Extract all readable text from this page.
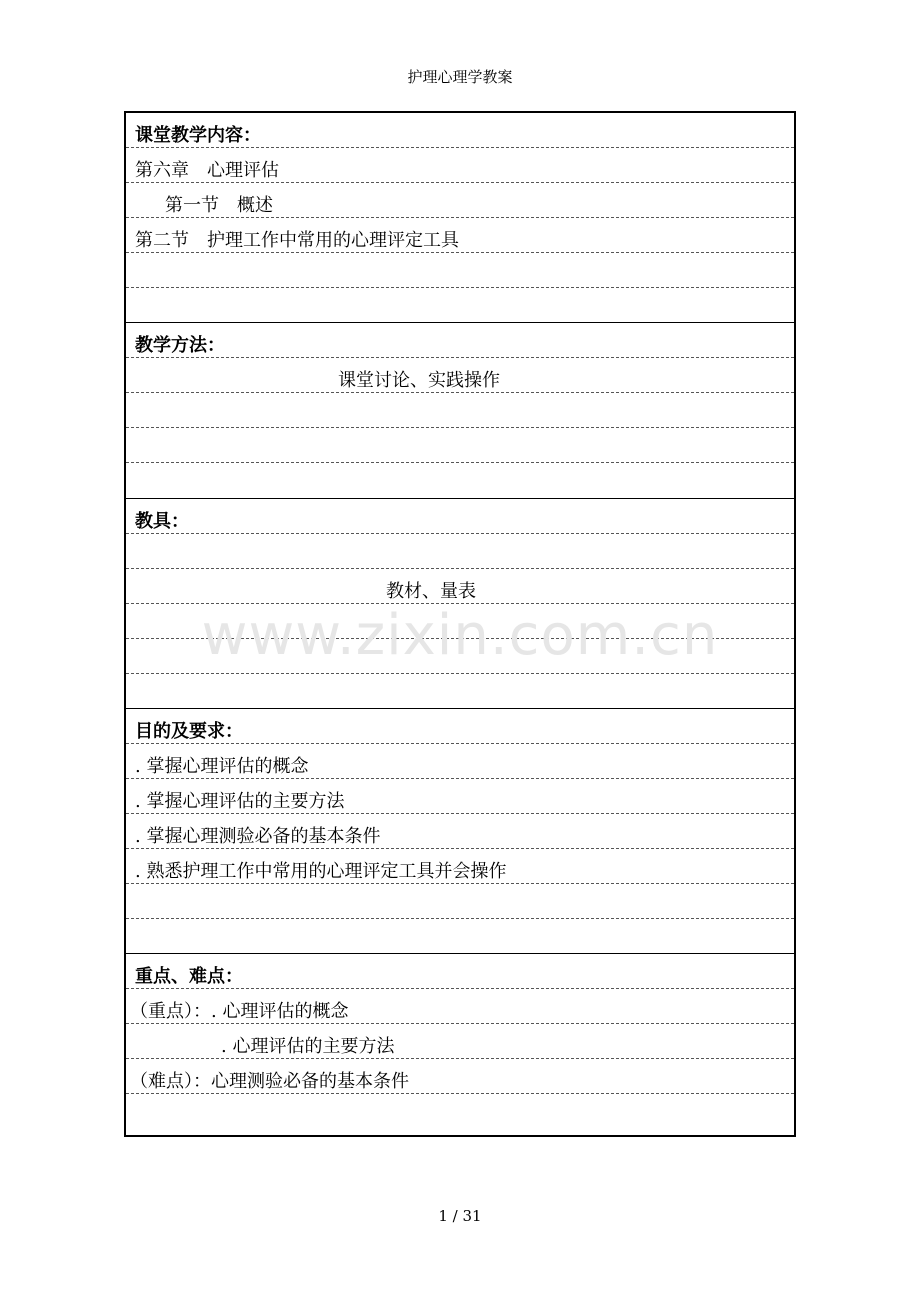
护理心理学教案
课堂教学内容：
第六章　心理评估
第一节　概述
第二节　护理工作中常用的心理评定工具
教学方法：
课堂讨论、实践操作
教具：
教材、量表
目的及要求：
. 掌握心理评估的概念
. 掌握心理评估的主要方法
. 掌握心理测验必备的基本条件
. 熟悉护理工作中常用的心理评定工具并会操作
重点、难点：
（重点）：. 心理评估的概念
. 心理评估的主要方法
（难点）：心理测验必备的基本条件
www.zixin.com.cn
1 / 31
